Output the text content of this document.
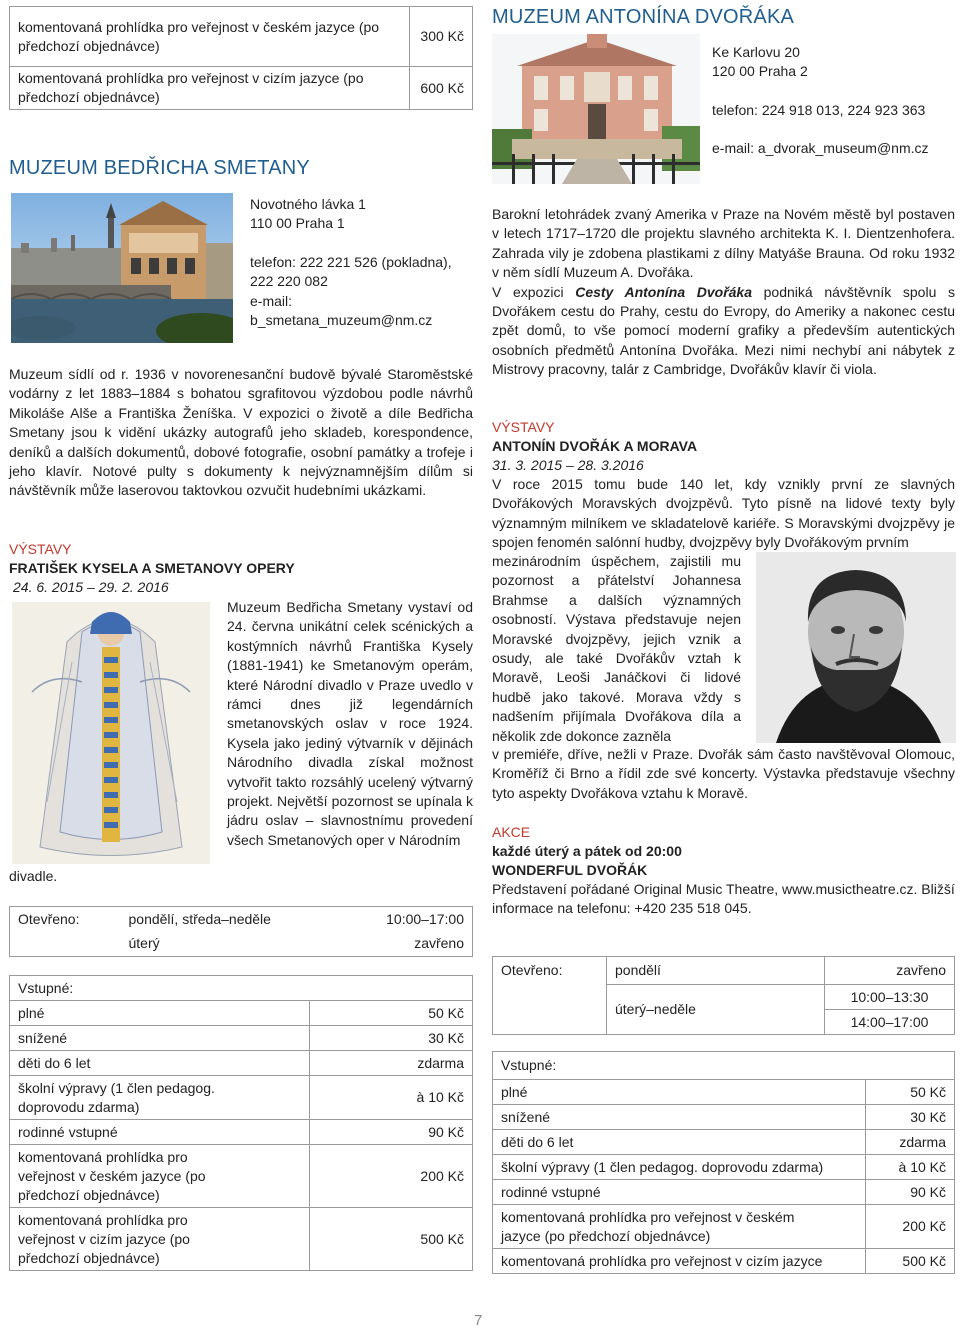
komentovaná prohlídka pro veřejnost v českém jazyce (po předchozí objednávce)	300 Kč
komentovaná prohlídka pro veřejnost v cizím jazyce (po předchozí objednávce)	600 Kč
MUZEUM BEDŘICHA SMETANY
Novotného lávka 1
110 00 Praha 1
telefon: 222 221 526 (pokladna), 222 220 082
e-mail:
b_smetana_muzeum@nm.cz

Muzeum sídlí od r. 1936 v novorenesanční budově bývalé Staroměstské vodárny z let 1883–1884 s bohatou sgrafitovou výzdobou podle návrhů Mikoláše Alše a Františka Ženíška. V expozici o životě a díle Bedřicha Smetany jsou k vidění ukázky autografů jeho skladeb, korespondence, deníků a dalších dokumentů, dobové fotografie, osobní památky a trofeje i jeho klavír. Notové pulty s dokumenty k nejvýznamnějším dílům si návštěvník může laserovou taktovkou ozvučit hudebními ukázkami.

VÝSTAVY
FRATIŠEK KYSELA A SMETANOVY OPERY
24. 6. 2015 – 29. 2. 2016
Muzeum Bedřicha Smetany vystaví od 24. června unikátní celek scénických a kostýmních návrhů Františka Kysely (1881-1941) ke Smetanovým operám, které Národní divadlo v Praze uvedlo v rámci dnes již legendárních smetanovských oslav v roce 1924. Kysela jako jediný výtvarník v dějinách Národního divadla získal možnost vytvořit takto rozsáhlý ucelený výtvarný projekt. Největší pozornost se upínala k jádru oslav – slavnostnímu provedení všech Smetanových oper v Národním
divadle.
Otevřeno:	pondělí, středa–neděle	10:00–17:00
	úterý	zavřeno
Vstupné:	
plné	50 Kč
snížené	30 Kč
děti do 6 let	zdarma
školní výpravy (1 člen pedagog. doprovodu zdarma)	à 10 Kč
rodinné vstupné	90 Kč
komentovaná prohlídka pro veřejnost v českém jazyce (po předchozí objednávce)	200 Kč
komentovaná prohlídka pro veřejnost v cizím jazyce (po předchozí objednávce)	500 Kč
MUZEUM ANTONÍNA DVOŘÁKA
Ke Karlovu 20
120 00 Praha 2
telefon: 224 918 013, 224 923 363
e-mail: a_dvorak_museum@nm.cz
Barokní letohrádek zvaný Amerika v Praze na Novém městě byl postaven v letech 1717–1720 dle projektu slavného architekta K. I. Dientzenhofera. Zahrada vily je zdobena plastikami z dílny Matyáše Brauna. Od roku 1932 v něm sídlí Muzeum A. Dvořáka.
V expozici Cesty Antonína Dvořáka podniká návštěvník spolu s Dvořákem cestu do Prahy, cestu do Evropy, do Ameriky a nakonec cestu zpět domů, to vše pomocí moderní grafiky a především autentických osobních předmětů Antonína Dvořáka. Mezi nimi nechybí ani nábytek z Mistrovy pracovny, talár z Cambridge, Dvořákův klavír či viola.
VÝSTAVY
ANTONÍN DVOŘÁK A MORAVA
31. 3. 2015 – 28. 3.2016
V roce 2015 tomu bude 140 let, kdy vznikly první ze slavných Dvořákových Moravských dvojzpěvů. Tyto písně na lidové texty byly významným milníkem ve skladatelově kariéře. S Moravskými dvojzpěvy je spojen fenomén salónní hudby, dvojzpěvy byly Dvořákovým prvním
mezinárodním úspěchem, zajistili mu pozornost a přátelství Johannesa Brahmse a dalších významných osobností. Výstava představuje nejen Moravské dvojzpěvy, jejich vznik a osudy, ale také Dvořákův vztah k Moravě, Leoši Janáčkovi či lidové hudbě jako takové. Morava vždy s nadšením přijímala Dvořákova díla a několik zde dokonce zazněla
v premiéře, dříve, nežli v Praze. Dvořák sám často navštěvoval Olomouc, Kroměříž či Brno a řídil zde své koncerty. Výstavka představuje všechny tyto aspekty Dvořákova vztahu k Moravě.
AKCE
každé úterý a pátek od 20:00
WONDERFUL DVOŘÁK
Představení pořádané Original Music Theatre, www.musictheatre.cz. Bližší informace na telefonu: +420 235 518 045.
Otevřeno:	pondělí	zavřeno
	úterý–neděle	10:00–13:30
		14:00–17:00
Vstupné:	
plné	50 Kč
snížené	30 Kč
děti do 6 let	zdarma
školní výpravy (1 člen pedagog. doprovodu zdarma)	à 10 Kč
rodinné vstupné	90 Kč
komentovaná prohlídka pro veřejnost v českém jazyce (po předchozí objednávce)	200 Kč
komentovaná prohlídka pro veřejnost v cizím jazyce	500 Kč
7
